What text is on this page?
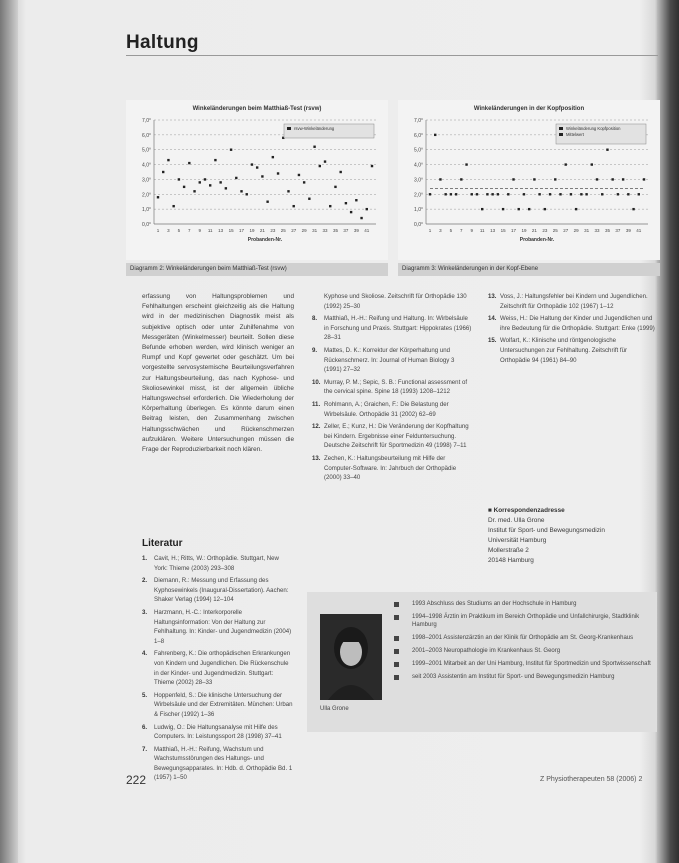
Haltung
Winkeländerungen beim Matthiaß-Test (rsvw)
0,0°
1,0°
2,0°
3,0°
4,0°
5,0°
6,0°
7,0°
1 3 5 7 9 11 13 15 17 19 21 23 25 27 29 31 33 35 37 39 41
Probanden-Nr.
rsvw-Winkeländerung
Diagramm 2: Winkeländerungen beim Matthiaß-Test (rsvw)
Winkeländerungen in der Kopfposition
0,0°
1,0°
2,0°
3,0°
4,0°
5,0°
6,0°
7,0°
1 3 5 7 9 11 13 15 17 19 21 23 25 27 29 31 33 35 37 39 41
Probanden-Nr.
Winkeländerung Kopfposition
Mittelwert
Diagramm 3: Winkeländerungen in der Kopf-Ebene

erfassung von Haltungsproblemen und Fehlhaltungen erscheint gleichzeitig als die Haltung wird in der medizinischen Diagnostik meist als subjektive optisch oder unter Zuhilfenahme von Messgeräten (Winkelmesser) beurteilt. Sollen diese Befunde erhoben werden, wird klinisch weniger an Rumpf und Kopf gewertet oder geschätzt. Um bei vorgestellte servosystemische Beurteilungsverfahren zur Haltungsbeurteilung, das nach Kyphose- und Skoliosewinkel misst, ist der allgemein übliche Haltungswechsel erforderlich. Die Wiederholung der Körperhaltung überlegen. Es könnte darum einen Beitrag leisten, den Zusammenhang zwischen Haltungsschwächen und Rückenschmerzen aufzuklären. Weitere Untersuchungen müssen die Frage der Reproduzierbarkeit noch klären.

Literatur
1. Cavit, H.; Ritts, W.: Orthopädie. Stuttgart, New York: Thieme (2003) 293–308
2. Diemann, R.: Messung und Erfassung des Kyphosewinkels (Inaugural-Dissertation). Aachen: Shaker Verlag (1994) 12–104
3. Harzmann, H.-C.: Interkorporelle Haltungsinformation: Von der Haltung zur Fehlhaltung. In: Kinder- und Jugendmedizin (2004) 1–8
4. Fahrenberg, K.: Die orthopädischen Erkrankungen von Kindern und Jugendlichen. Die Rückenschule in der Kinder- und Jugendmedizin. Stuttgart: Thieme (2002) 28–33
5. Hoppenfeld, S.: Die klinische Untersuchung der Wirbelsäule und der Extremitäten. München: Urban & Fischer (1992) 1–36
6. Ludwig, O.: Die Haltungsanalyse mit Hilfe des Computers. In: Leistungssport 28 (1998) 37–41
7. Matthiaß, H.-H.: Reifung, Wachstum und Wachstumsstörungen des Haltungs- und Bewegungsapparates. In: Hdb. d. Orthopädie Bd. 1 (1957) 1–50
Kyphose und Skoliose. Zeitschrift für Orthopädie 130 (1992) 25–30
8. Matthiaß, H.-H.: Reifung und Haltung. In: Wirbelsäule in Forschung und Praxis. Stuttgart: Hippokrates (1966) 28–31
9. Mattes, D. K.: Korrektur der Körperhaltung und Rückenschmerz. In: Journal of Human Biology 3 (1991) 27–32
10. Murray, P. M.; Sepic, S. B.: Functional assessment of the cervical spine. Spine 18 (1993) 1208–1212
11. Rohlmann, A.; Graichen, F.: Die Belastung der Wirbelsäule. Orthopädie 31 (2002) 62–69
12. Zeller, E.; Kunz, H.: Die Veränderung der Kopfhaltung bei Kindern. Ergebnisse einer Felduntersuchung. Deutsche Zeitschrift für Sportmedizin 49 (1998) 7–11
13. Zechen, K.: Haltungsbeurteilung mit Hilfe der Computer-Software. In: Jahrbuch der Orthopädie (2000) 33–40
13. Voss, J.: Haltungsfehler bei Kindern und Jugendlichen. Zeitschrift für Orthopädie 102 (1967) 1–12
14. Weiss, H.: Die Haltung der Kinder und Jugendlichen und ihre Bedeutung für die Orthopädie. Stuttgart: Enke (1999)
15. Wolfart, K.: Klinische und röntgenologische Untersuchungen zur Fehlhaltung. Zeitschrift für Orthopädie 94 (1961) 84–90
■ Korrespondenzadresse
Dr. med. Ulla Grone
Institut für Sport- und Bewegungsmedizin
Universität Hamburg
Mollerstraße 2
20148 Hamburg
Ulla Grone
1993 Abschluss des Studiums an der Hochschule in Hamburg
1994–1998 Ärztin im Praktikum im Bereich Orthopädie und Unfallchirurgie, Stadtklinik Hamburg
1998–2001 Assistenzärztin an der Klinik für Orthopädie am St. Georg-Krankenhaus
2001–2003 Neuropathologie im Krankenhaus St. Georg
1999–2001 Mitarbeit an der Uni Hamburg, Institut für Sportmedizin und Sportwissenschaft
seit 2003 Assistentin am Institut für Sport- und Bewegungsmedizin Hamburg
222	Z Physiotherapeuten 58 (2006) 2
